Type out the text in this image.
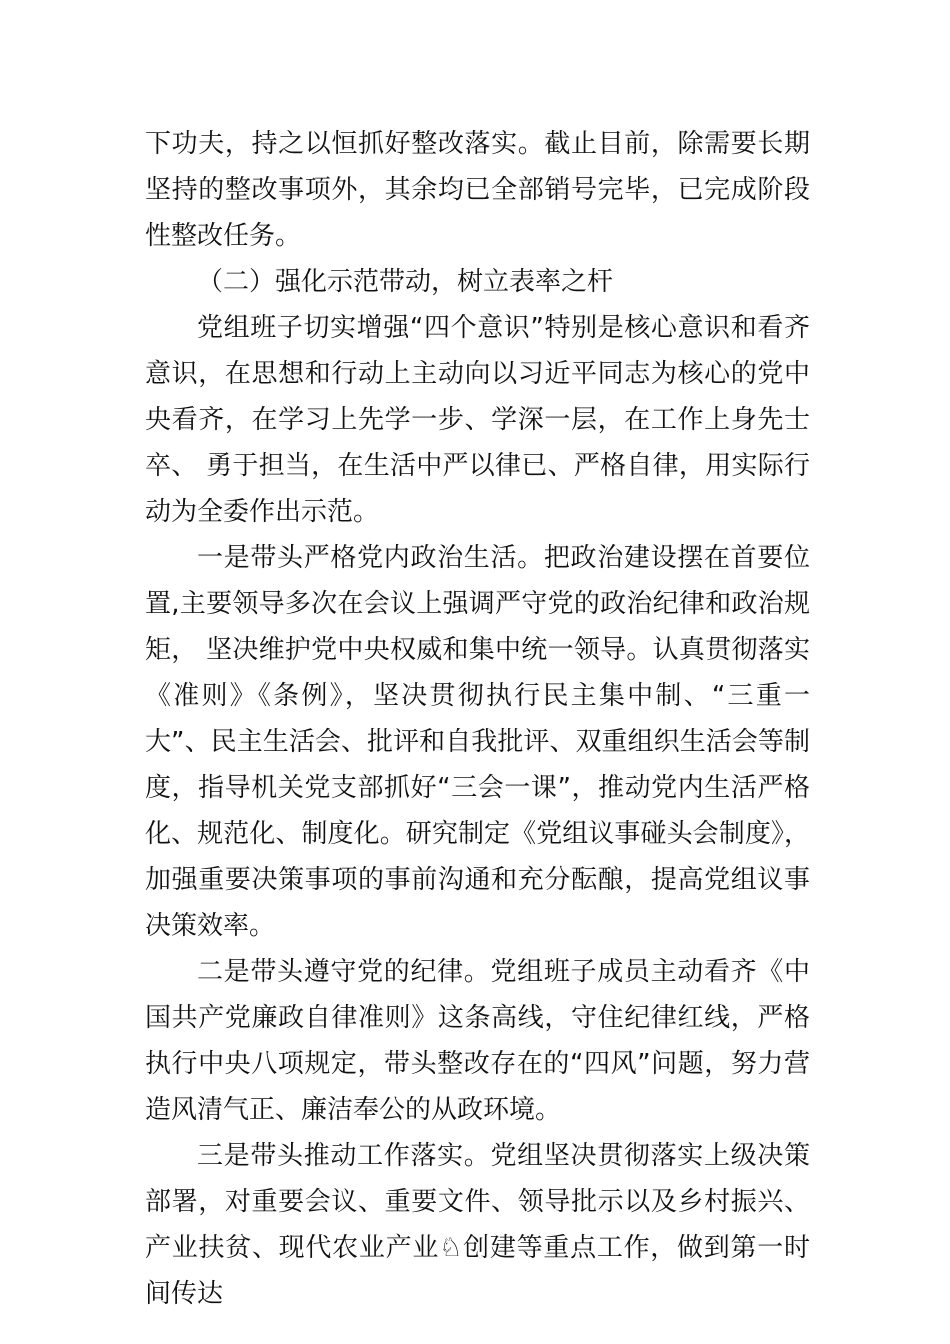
下功夫，持之以恒抓好整改落实。截止目前，除需要长期坚持的整改事项外，其余均已全部销号完毕，已完成阶段性整改任务。

（二）强化示范带动，树立表率之杆

党组班子切实增强“四个意识”特别是核心意识和看齐意识，在思想和行动上主动向以习近平同志为核心的党中央看齐，在学习上先学一步、学深一层，在工作上身先士卒、 勇于担当，在生活中严以律已、严格自律，用实际行动为全委作出示范。

一是带头严格党内政治生活。把政治建设摆在首要位置,主要领导多次在会议上强调严守党的政治纪律和政治规矩， 坚决维护党中央权威和集中统一领导。认真贯彻落实《准则》《条例》，坚决贯彻执行民主集中制、“三重一大”、民主生活会、批评和自我批评、双重组织生活会等制度，指导机关党支部抓好“三会一课”，推动党内生活严格化、规范化、制度化。研究制定《党组议事碰头会制度》，加强重要决策事项的事前沟通和充分酝酿，提高党组议事决策效率。

二是带头遵守党的纪律。党组班子成员主动看齐《中国共产党廉政自律准则》这条高线，守住纪律红线，严格执行中央八项规定，带头整改存在的“四风”问题，努力营造风清气正、廉洁奉公的从政环境。

三是带头推动工作落实。党组坚决贯彻落实上级决策部署，对重要会议、重要文件、领导批示以及乡村振兴、产业扶贫、现代农业产业♘创建等重点工作，做到第一时间传达
